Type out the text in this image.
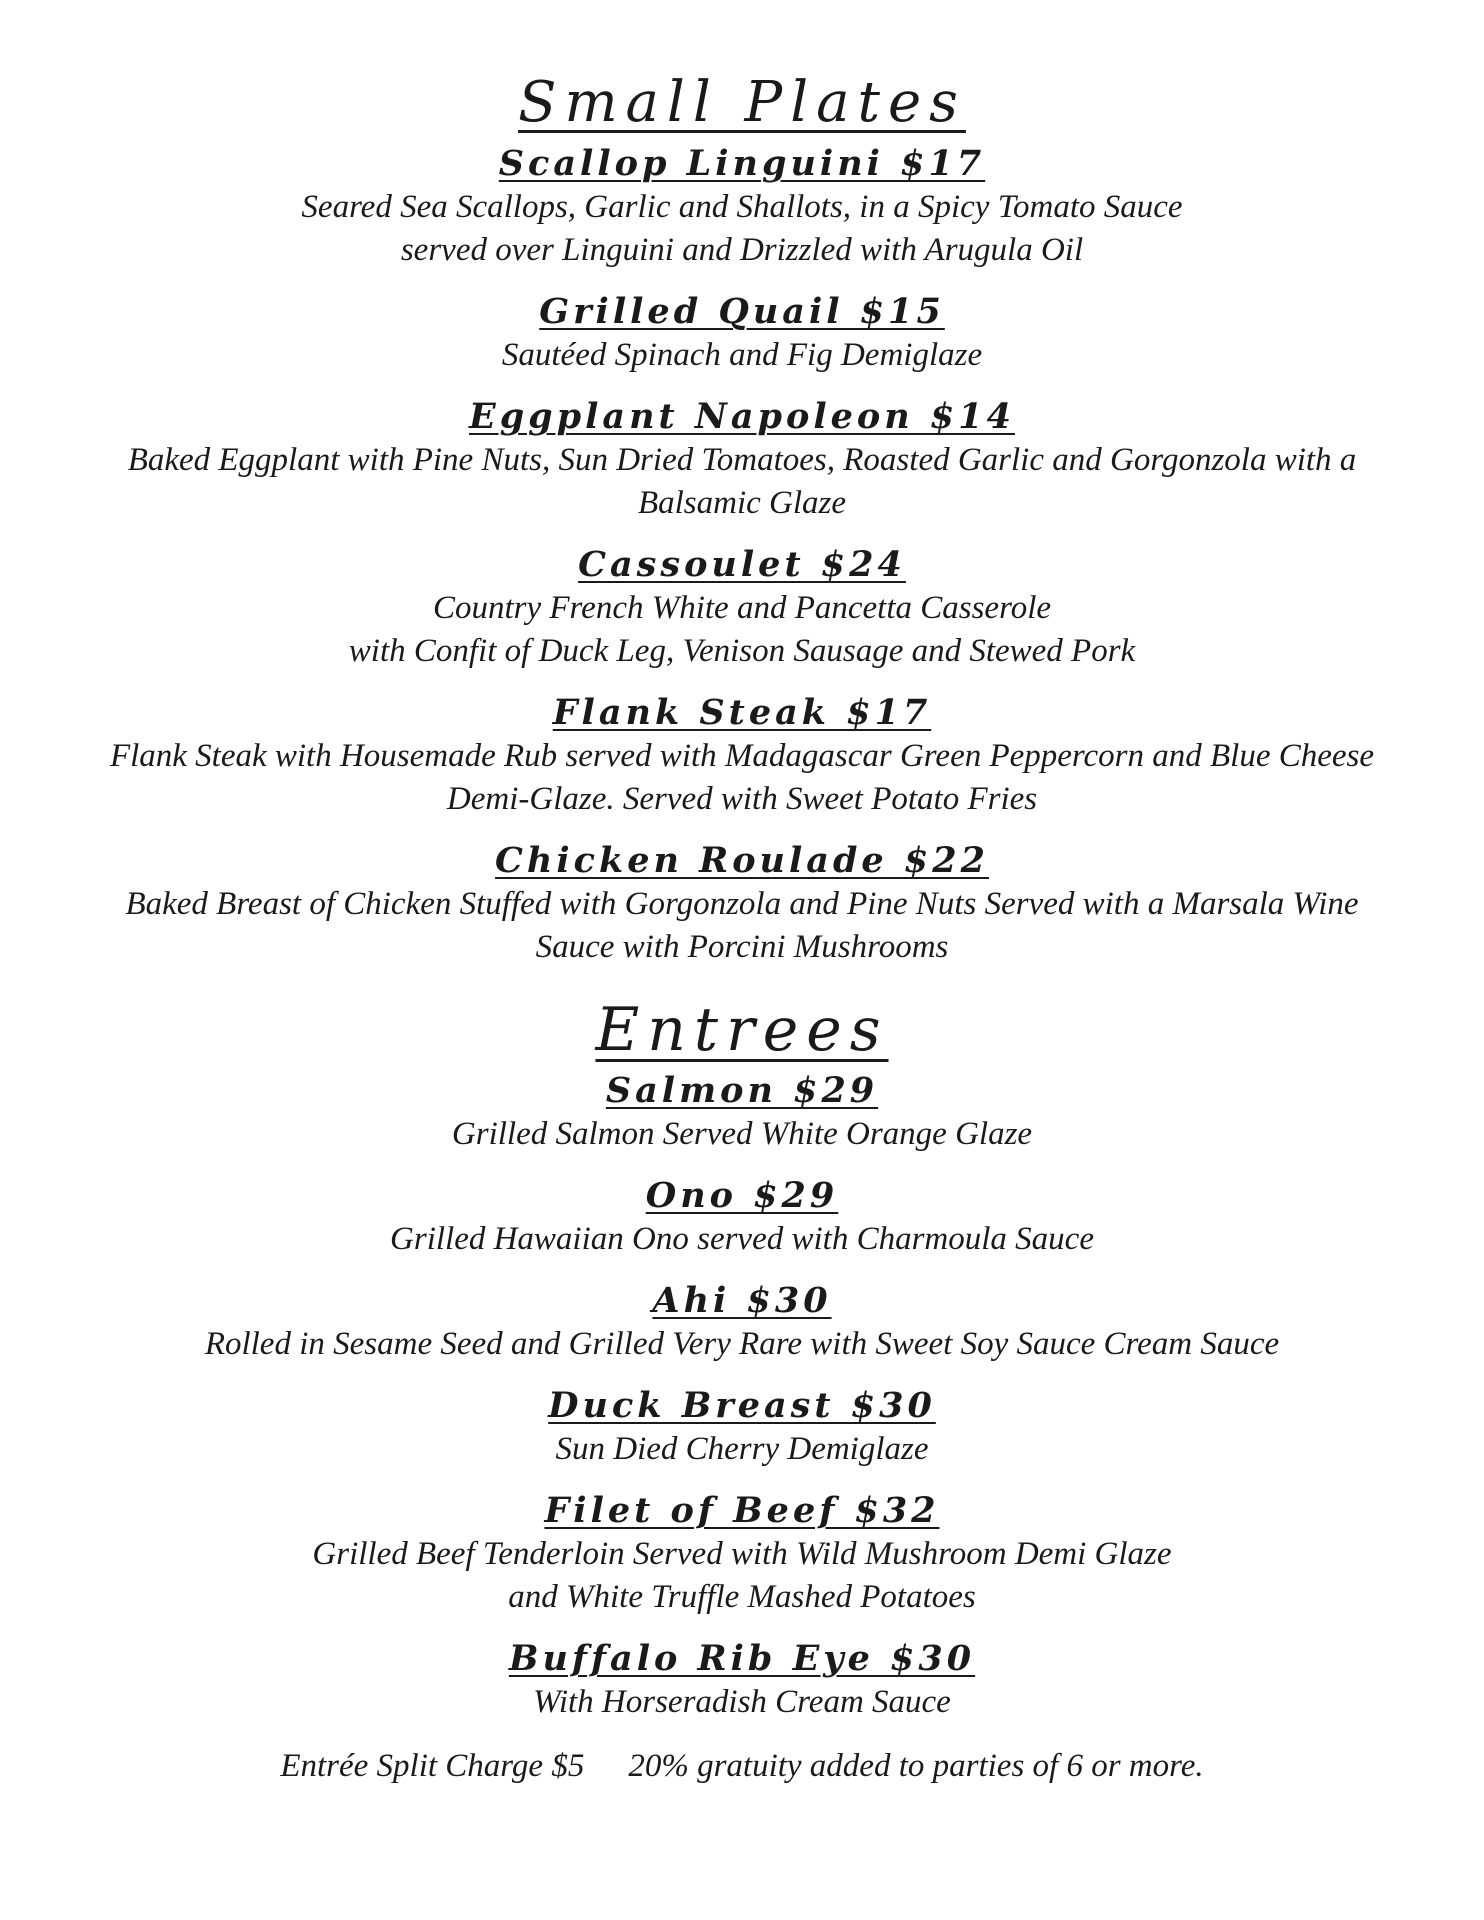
Small Plates
Scallop Linguini $17
Seared Sea Scallops, Garlic and Shallots, in a Spicy Tomato Sauce
served over Linguini and Drizzled with Arugula Oil
Grilled Quail $15
Sautéed Spinach and Fig Demiglaze
Eggplant Napoleon $14
Baked Eggplant with Pine Nuts, Sun Dried Tomatoes, Roasted Garlic and Gorgonzola with a
Balsamic Glaze
Cassoulet $24
Country French White and Pancetta Casserole
with Confit of Duck Leg, Venison Sausage and Stewed Pork
Flank Steak $17
Flank Steak with Housemade Rub served with Madagascar Green Peppercorn and Blue Cheese
Demi-Glaze. Served with Sweet Potato Fries
Chicken Roulade $22
Baked Breast of Chicken Stuffed with Gorgonzola and Pine Nuts Served with a Marsala Wine
Sauce with Porcini Mushrooms
Entrees
Salmon $29
Grilled Salmon Served White Orange Glaze
Ono $29
Grilled Hawaiian Ono served with Charmoula Sauce
Ahi $30
Rolled in Sesame Seed and Grilled Very Rare with Sweet Soy Sauce Cream Sauce
Duck Breast $30
Sun Died Cherry Demiglaze
Filet of Beef $32
Grilled Beef Tenderloin Served with Wild Mushroom Demi Glaze
and White Truffle Mashed Potatoes
Buffalo Rib Eye $30
With Horseradish Cream Sauce
Entrée Split Charge $5 20% gratuity added to parties of 6 or more.
